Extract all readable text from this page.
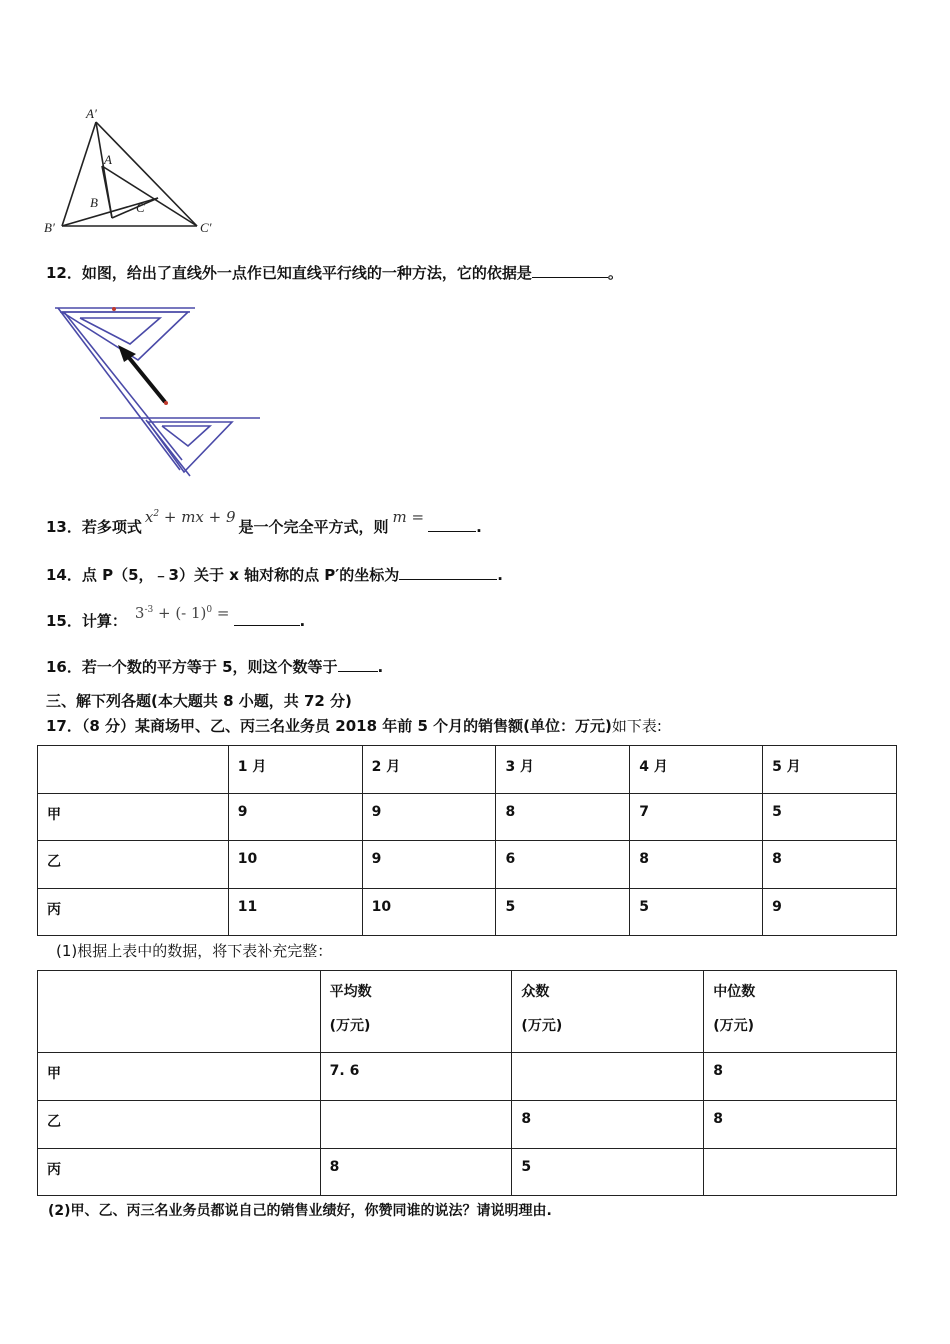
A′
A
B	C
B′	C′
12．如图，给出了直线外一点作已知直线平行线的一种方法，它的依据是	。
13．若多项式$x^2$ + mx + 9是一个完全平方式，则m =.
14．点 P（5，﹣3）关于 x 轴对称的点 P′的坐标为	.
15．计算： $3^{-3}$ + (- 1)$^0$ =	.
16．若一个数的平方等于 5，则这个数等于	.
三、解下列各题(本大题共 8 小题，共 72 分)
17．（8 分）某商场甲、乙、丙三名业务员 2018 年前 5 个月的销售额(单位：万元)如下表:

	1 月	2 月	3 月	4 月	5 月

甲	9	9	8	7	5

乙	10	9	6	8	8

丙	11	10	5	5	9
(1)根据上表中的数据，将下表补充完整：

	平均数
(万元)	众数
(万元)	中位数
(万元)

甲	7. 6		8

乙		8	8

丙	8	5	

(2)甲、乙、丙三名业务员都说自己的销售业绩好，你赞同谁的说法？请说明理由.
